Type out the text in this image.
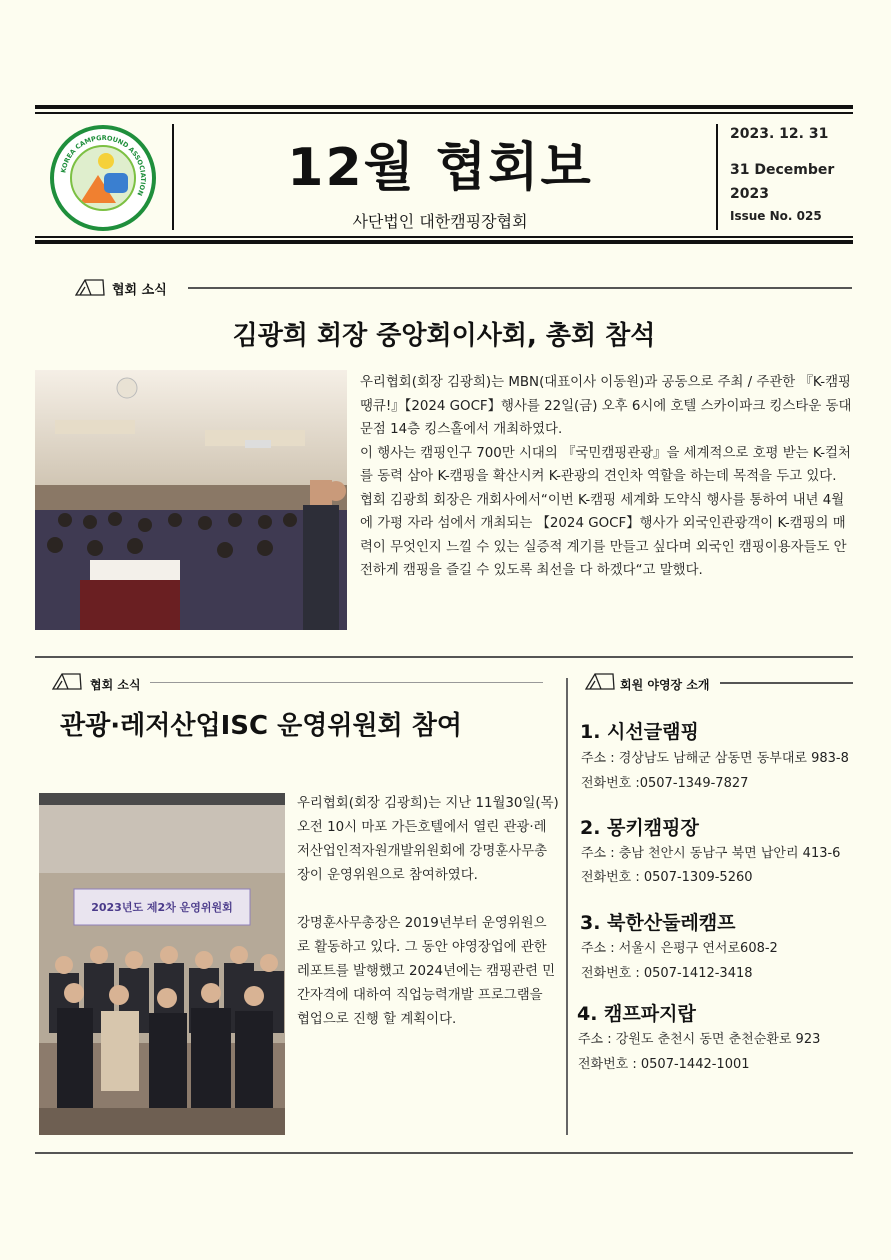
KOREA CAMPGROUND ASSOCIATION	12월 협회보
사단법인 대한캠핑장협회
2023. 12. 31
31 December 2023
Issue No. 025
협회 소식
김광희 회장 중앙회이사회, 총회 참석
우리협회(회장 김광희)는 MBN(대표이사 이동원)과 공동으로 주최 / 주관한 『K-캠핑 땡큐!』【2024 GOCF】행사를 22일(금) 오후 6시에 호텔 스카이파크 킹스타운 동대문점 14층 킹스홀에서 개최하였다.
이 행사는 캠핑인구 700만 시대의 『국민캠핑관광』을 세계적으로 호평 받는 K-컬처를 동력 삼아 K-캠핑을 확산시켜 K-관광의 견인차 역할을 하는데 목적을 두고 있다.
협회 김광희 회장은 개회사에서“이번 K-캠핑 세계화 도약식 행사를 통하여 내년 4월에 가평 자라 섬에서 개최되는 【2024 GOCF】행사가 외국인관광객이 K-캠핑의 매력이 무엇인지 느낄 수 있는 실증적 계기를 만들고 싶다며 외국인 캠핑이용자들도 안전하게 캠핑을 즐길 수 있도록 최선을 다 하겠다“고 말했다.
협회 소식
관광·레저산업ISC 운영위원회 참여
2023년도 제2차 운영위원회
우리협회(회장 김광희)는 지난 11월30일(목) 오전 10시 마포 가든호텔에서 열린 관광·레저산업인적자원개발위원회에 강명훈사무총장이 운영위원으로 참여하였다.
강명훈사무총장은 2019년부터 운영위원으로 활동하고 있다. 그 동안 야영장업에 관한 레포트를 발행했고 2024년에는 캠핑관련 민간자격에 대하여 직업능력개발 프로그램을 협업으로 진행 할 계획이다.
회원 야영장 소개
1. 시선글램핑
주소 : 경상남도 남해군 삼동면 동부대로 983-8
전화번호 :0507-1349-7827
2. 몽키캠핑장
주소 : 충남 천안시 동남구 북면 납안리 413-6
전화번호 : 0507-1309-5260
3. 북한산둘레캠프
주소 : 서울시 은평구 연서로608-2
전화번호 : 0507-1412-3418
4. 캠프파지랍
주소 : 강원도 춘천시 동면 춘천순환로 923
전화번호 : 0507-1442-1001
